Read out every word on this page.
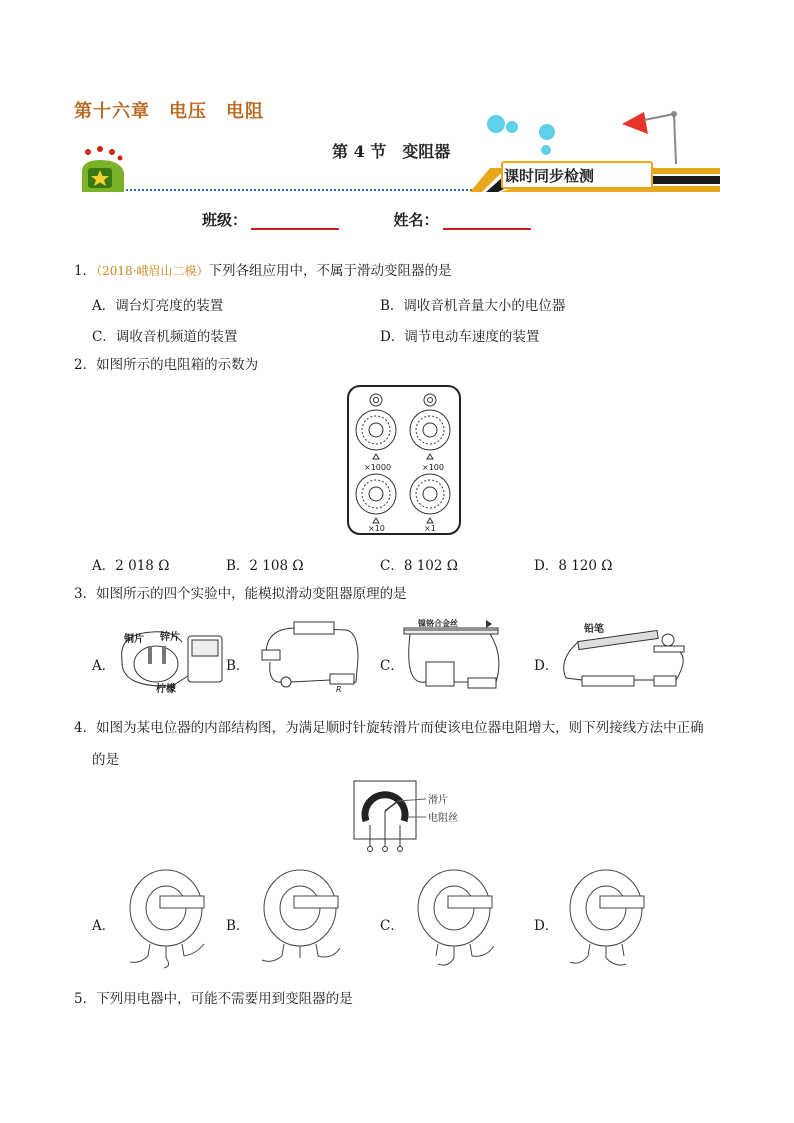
第十六章　电压　电阻
第 4 节　变阻器
课时同步检测
班级：	姓名：
1．（2018·峨眉山二模）下列各组应用中，不属于滑动变阻器的是
A．调台灯亮度的装置	B．调收音机音量大小的电位器
C．调收音机频道的装置	D．调节电动车速度的装置
2．如图所示的电阻箱的示数为
×1000	×100
×10	×1
A．2 018 Ω	B．2 108 Ω	C．8 102 Ω	D．8 120 Ω
3．如图所示的四个实验中，能模拟滑动变阻器原理的是
A．
铜片 锌片
柠檬
B．
R
C．
镍铬合金丝
D．
铅笔
4．如图为某电位器的内部结构图，为满足顺时针旋转滑片而使该电位器电阻增大，则下列接线方法中正确
的是
滑片
电阻丝
A．	B．	C．	D．
5．下列用电器中，可能不需要用到变阻器的是
